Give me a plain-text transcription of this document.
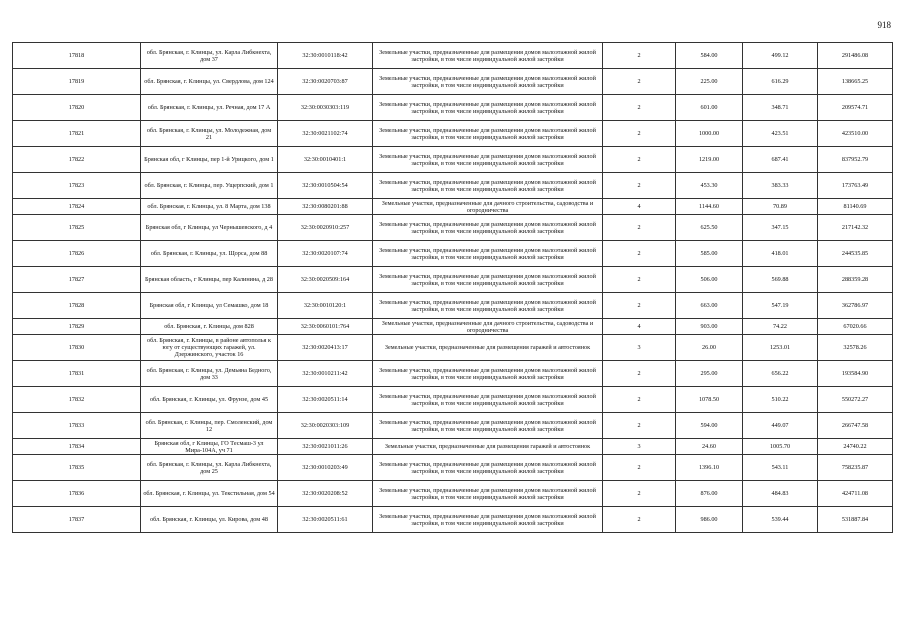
918
17818	обл. Брянская, г. Клинцы, ул. Карла Либкнехта, дом 37	32:30:0010118:42	Земельные участки, предназначенные для размещения домов малоэтажной жилой застройки, в том числе индивидуальной жилой застройки	2	584.00	499.12	291486.08
17819	обл. Брянская, г. Клинцы, ул. Свердлова, дом 124	32:30:0020703:87	Земельные участки, предназначенные для размещения домов малоэтажной жилой застройки, в том числе индивидуальной жилой застройки	2	225.00	616.29	138665.25
17820	обл. Брянская, г. Клинцы, ул. Речная, дом 17 А	32:30:0030303:119	Земельные участки, предназначенные для размещения домов малоэтажной жилой застройки, в том числе индивидуальной жилой застройки	2	601.00	348.71	209574.71
17821	обл. Брянская, г. Клинцы, ул. Молодежная, дом 21	32:30:0021102:74	Земельные участки, предназначенные для размещения домов малоэтажной жилой застройки, в том числе индивидуальной жилой застройки	2	1000.00	423.51	423510.00
17822	Брянская обл, г Клинцы, пер 1-й Урицкого, дом 1	32:30:0010401:1	Земельные участки, предназначенные для размещения домов малоэтажной жилой застройки, в том числе индивидуальной жилой застройки	2	1219.00	687.41	837952.79
17823	обл. Брянская, г. Клинцы, пер. Ущерпский, дом 1	32:30:0010504:54	Земельные участки, предназначенные для размещения домов малоэтажной жилой застройки, в том числе индивидуальной жилой застройки	2	453.30	383.33	173763.49
17824	обл. Брянская, г. Клинцы, ул. 8 Марта, дом 138	32:30:0080201:88	Земельные участки, предназначенные для дачного строительства, садоводства и огородничества	4	1144.60	70.89	81140.69
17825	Брянская обл, г Клинцы, ул Чернышевского, д 4	32:30:0020910:257	Земельные участки, предназначенные для размещения домов малоэтажной жилой застройки, в том числе индивидуальной жилой застройки	2	625.50	347.15	217142.32
17826	обл. Брянская, г. Клинцы, ул. Щорса, дом 88	32:30:0020107:74	Земельные участки, предназначенные для размещения домов малоэтажной жилой застройки, в том числе индивидуальной жилой застройки	2	585.00	418.01	244535.85
17827	Брянская область, г Клинцы, пер Калинина, д 28	32:30:0020509:164	Земельные участки, предназначенные для размещения домов малоэтажной жилой застройки, в том числе индивидуальной жилой застройки	2	506.00	569.88	288359.28
17828	Брянская обл, г Клинцы, ул Семашко, дом 18	32:30:0010120:1	Земельные участки, предназначенные для размещения домов малоэтажной жилой застройки, в том числе индивидуальной жилой застройки	2	663.00	547.19	362786.97
17829	обл. Брянская, г. Клинцы, дом 828	32:30:0060101:764	Земельные участки, предназначенные для дачного строительства, садоводства и огородничества	4	903.00	74.22	67020.66
17830	обл. Брянская, г. Клинцы, в районе автополья к югу от существующих гаражей, ул. Дзержинского, участок 16	32:30:0020413:17	Земельные участки, предназначенные для размещения гаражей и автостоянок	3	26.00	1253.01	32578.26
17831	обл. Брянская, г. Клинцы, ул. Демьяна Бедного, дом 33	32:30:0010211:42	Земельные участки, предназначенные для размещения домов малоэтажной жилой застройки, в том числе индивидуальной жилой застройки	2	295.00	656.22	193584.90
17832	обл. Брянская, г. Клинцы, ул. Фрунзе, дом 45	32:30:0020511:14	Земельные участки, предназначенные для размещения домов малоэтажной жилой застройки, в том числе индивидуальной жилой застройки	2	1078.50	510.22	550272.27
17833	обл. Брянская, г. Клинцы, пер. Смоленский, дом 12	32:30:0020303:109	Земельные участки, предназначенные для размещения домов малоэтажной жилой застройки, в том числе индивидуальной жилой застройки	2	594.00	449.07	266747.58
17834	Брянская обл, г Клинцы, ГО Тесмаш-3 ул Мира-104А, уч 71	32:30:0021011:26	Земельные участки, предназначенные для размещения гаражей и автостоянок	3	24.60	1005.70	24740.22
17835	обл. Брянская, г. Клинцы, ул. Карла Либкнехта, дом 25	32:30:0010203:49	Земельные участки, предназначенные для размещения домов малоэтажной жилой застройки, в том числе индивидуальной жилой застройки	2	1396.10	543.11	758235.87
17836	обл. Брянская, г. Клинцы, ул. Текстильная, дом 54	32:30:0020208:52	Земельные участки, предназначенные для размещения домов малоэтажной жилой застройки, в том числе индивидуальной жилой застройки	2	876.00	484.83	424711.08
17837	обл. Брянская, г. Клинцы, ул. Кирова, дом 48	32:30:0020511:61	Земельные участки, предназначенные для размещения домов малоэтажной жилой застройки, в том числе индивидуальной жилой застройки	2	986.00	539.44	531887.84
